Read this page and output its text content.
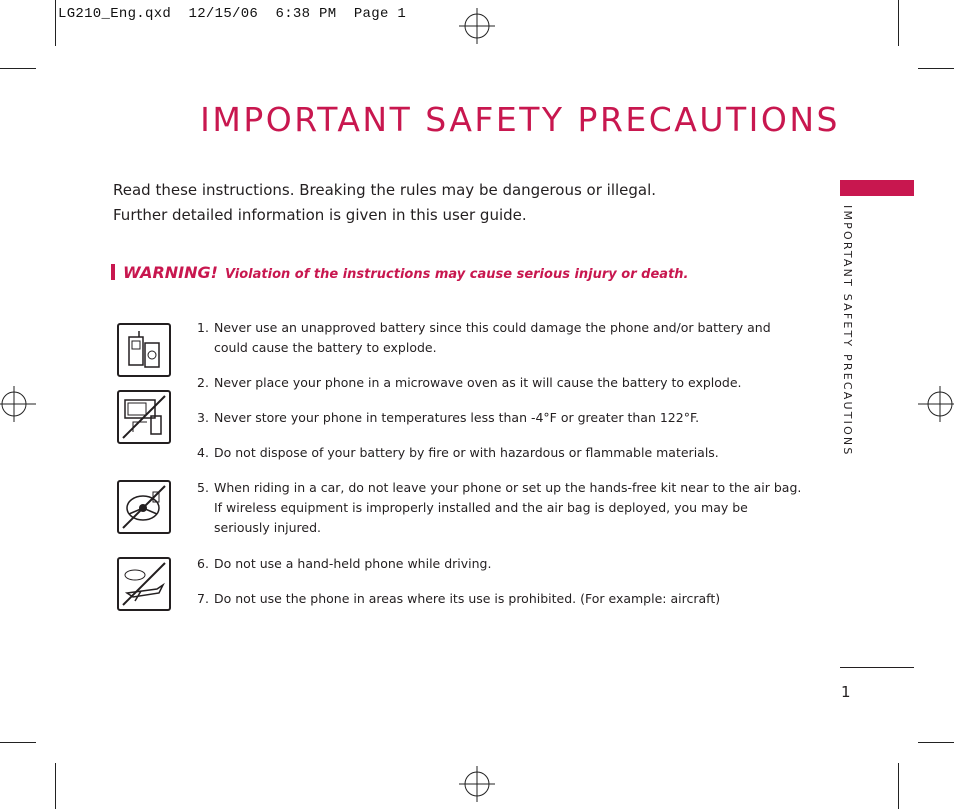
LG210_Eng.qxd  12/15/06  6:38 PM  Page 1
IMPORTANT SAFETY PRECAUTIONS
Read these instructions. Breaking the rules may be dangerous or illegal.
Further detailed information is given in this user guide.
WARNING! Violation of the instructions may cause serious injury or death.	IMPORTANT SAFETY PRECAUTIONS
1. Never use an unapproved battery since this could damage the phone and/or battery and could cause the battery to explode.
2. Never place your phone in a microwave oven as it will cause the battery to explode.
3. Never store your phone in temperatures less than -4°F or greater than 122°F.
4. Do not dispose of your battery by fire or with hazardous or flammable materials.
5. When riding in a car, do not leave your phone or set up the hands-free kit near to the air bag. If wireless equipment is improperly installed and the air bag is deployed, you may be seriously injured.
6. Do not use a hand-held phone while driving.
7. Do not use the phone in areas where its use is prohibited. (For example: aircraft)
1
